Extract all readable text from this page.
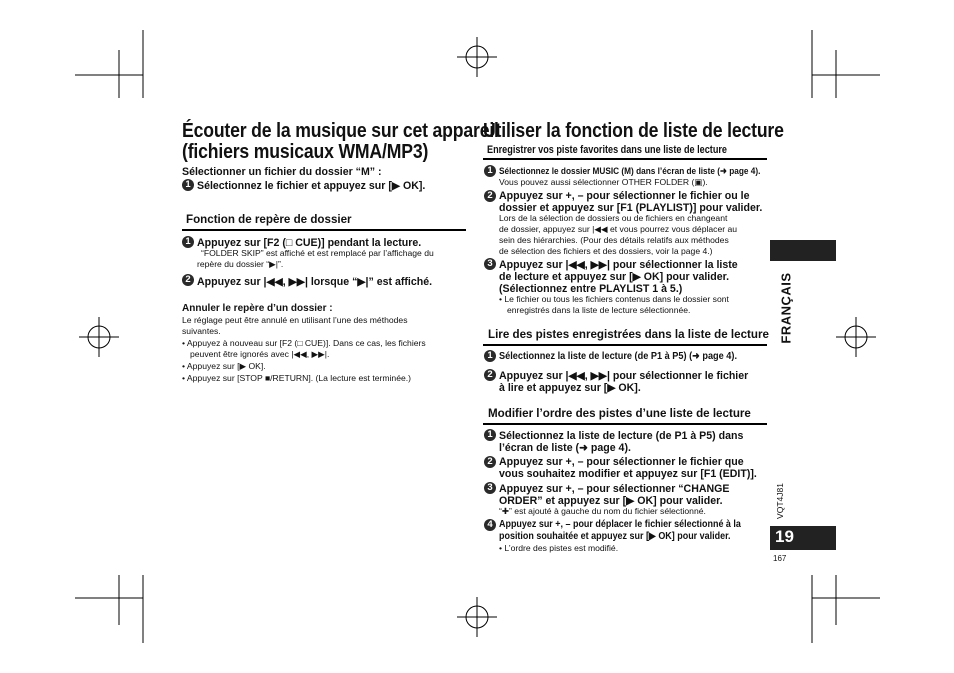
Écouter de la musique sur cet appareil
(fichiers musicaux WMA/MP3)
Sélectionner un fichier du dossier “M” :
1 Sélectionnez le fichier et appuyez sur [▶ OK].
Fonction de repère de dossier
1 Appuyez sur [F2 (□ CUE)] pendant la lecture.
“FOLDER SKIP” est affiché et est remplacé par l’affichage du
repère du dossier “▶|”.
2 Appuyez sur |◀◀, ▶▶| lorsque “▶|” est affiché.
Annuler le repère d’un dossier :
Le réglage peut être annulé en utilisant l’une des méthodes
suivantes.
• Appuyez à nouveau sur [F2 (□ CUE)]. Dans ce cas, les fichiers
peuvent être ignorés avec |◀◀, ▶▶|.
• Appuyez sur [▶ OK].
• Appuyez sur [STOP ■/RETURN]. (La lecture est terminée.)
Utiliser la fonction de liste de lecture
Enregistrer vos piste favorites dans une liste de lecture
1 Sélectionnez le dossier MUSIC (M) dans l’écran de liste (➜ page 4).
Vous pouvez aussi sélectionner OTHER FOLDER (▣).
2 Appuyez sur +, – pour sélectionner le fichier ou le
dossier et appuyez sur [F1 (PLAYLIST)] pour valider.
Lors de la sélection de dossiers ou de fichiers en changeant
de dossier, appuyez sur |◀◀ et vous pourrez vous déplacer au
sein des hiérarchies. (Pour des détails relatifs aux méthodes
de sélection des fichiers et des dossiers, voir la page 4.)
3 Appuyez sur |◀◀, ▶▶| pour sélectionner la liste
de lecture et appuyez sur [▶ OK] pour valider.
(Sélectionnez entre PLAYLIST 1 à 5.)
• Le fichier ou tous les fichiers contenus dans le dossier sont
enregistrés dans la liste de lecture sélectionnée.
Lire des pistes enregistrées dans la liste de lecture
1 Sélectionnez la liste de lecture (de P1 à P5) (➜ page 4).
2 Appuyez sur |◀◀, ▶▶| pour sélectionner le fichier
à lire et appuyez sur [▶ OK].
Modifier l’ordre des pistes d’une liste de lecture
1 Sélectionnez la liste de lecture (de P1 à P5) dans
l’écran de liste (➜ page 4).
2 Appuyez sur +, – pour sélectionner le fichier que
vous souhaitez modifier et appuyez sur [F1 (EDIT)].
3 Appuyez sur +, – pour sélectionner “CHANGE
ORDER” et appuyez sur [▶ OK] pour valider.
“✚” est ajouté à gauche du nom du fichier sélectionné.
4 Appuyez sur +, – pour déplacer le fichier sélectionné à la
position souhaitée et appuyez sur [▶ OK] pour valider.
• L’ordre des pistes est modifié.
FRANÇAIS
VQT4J81
19
167
